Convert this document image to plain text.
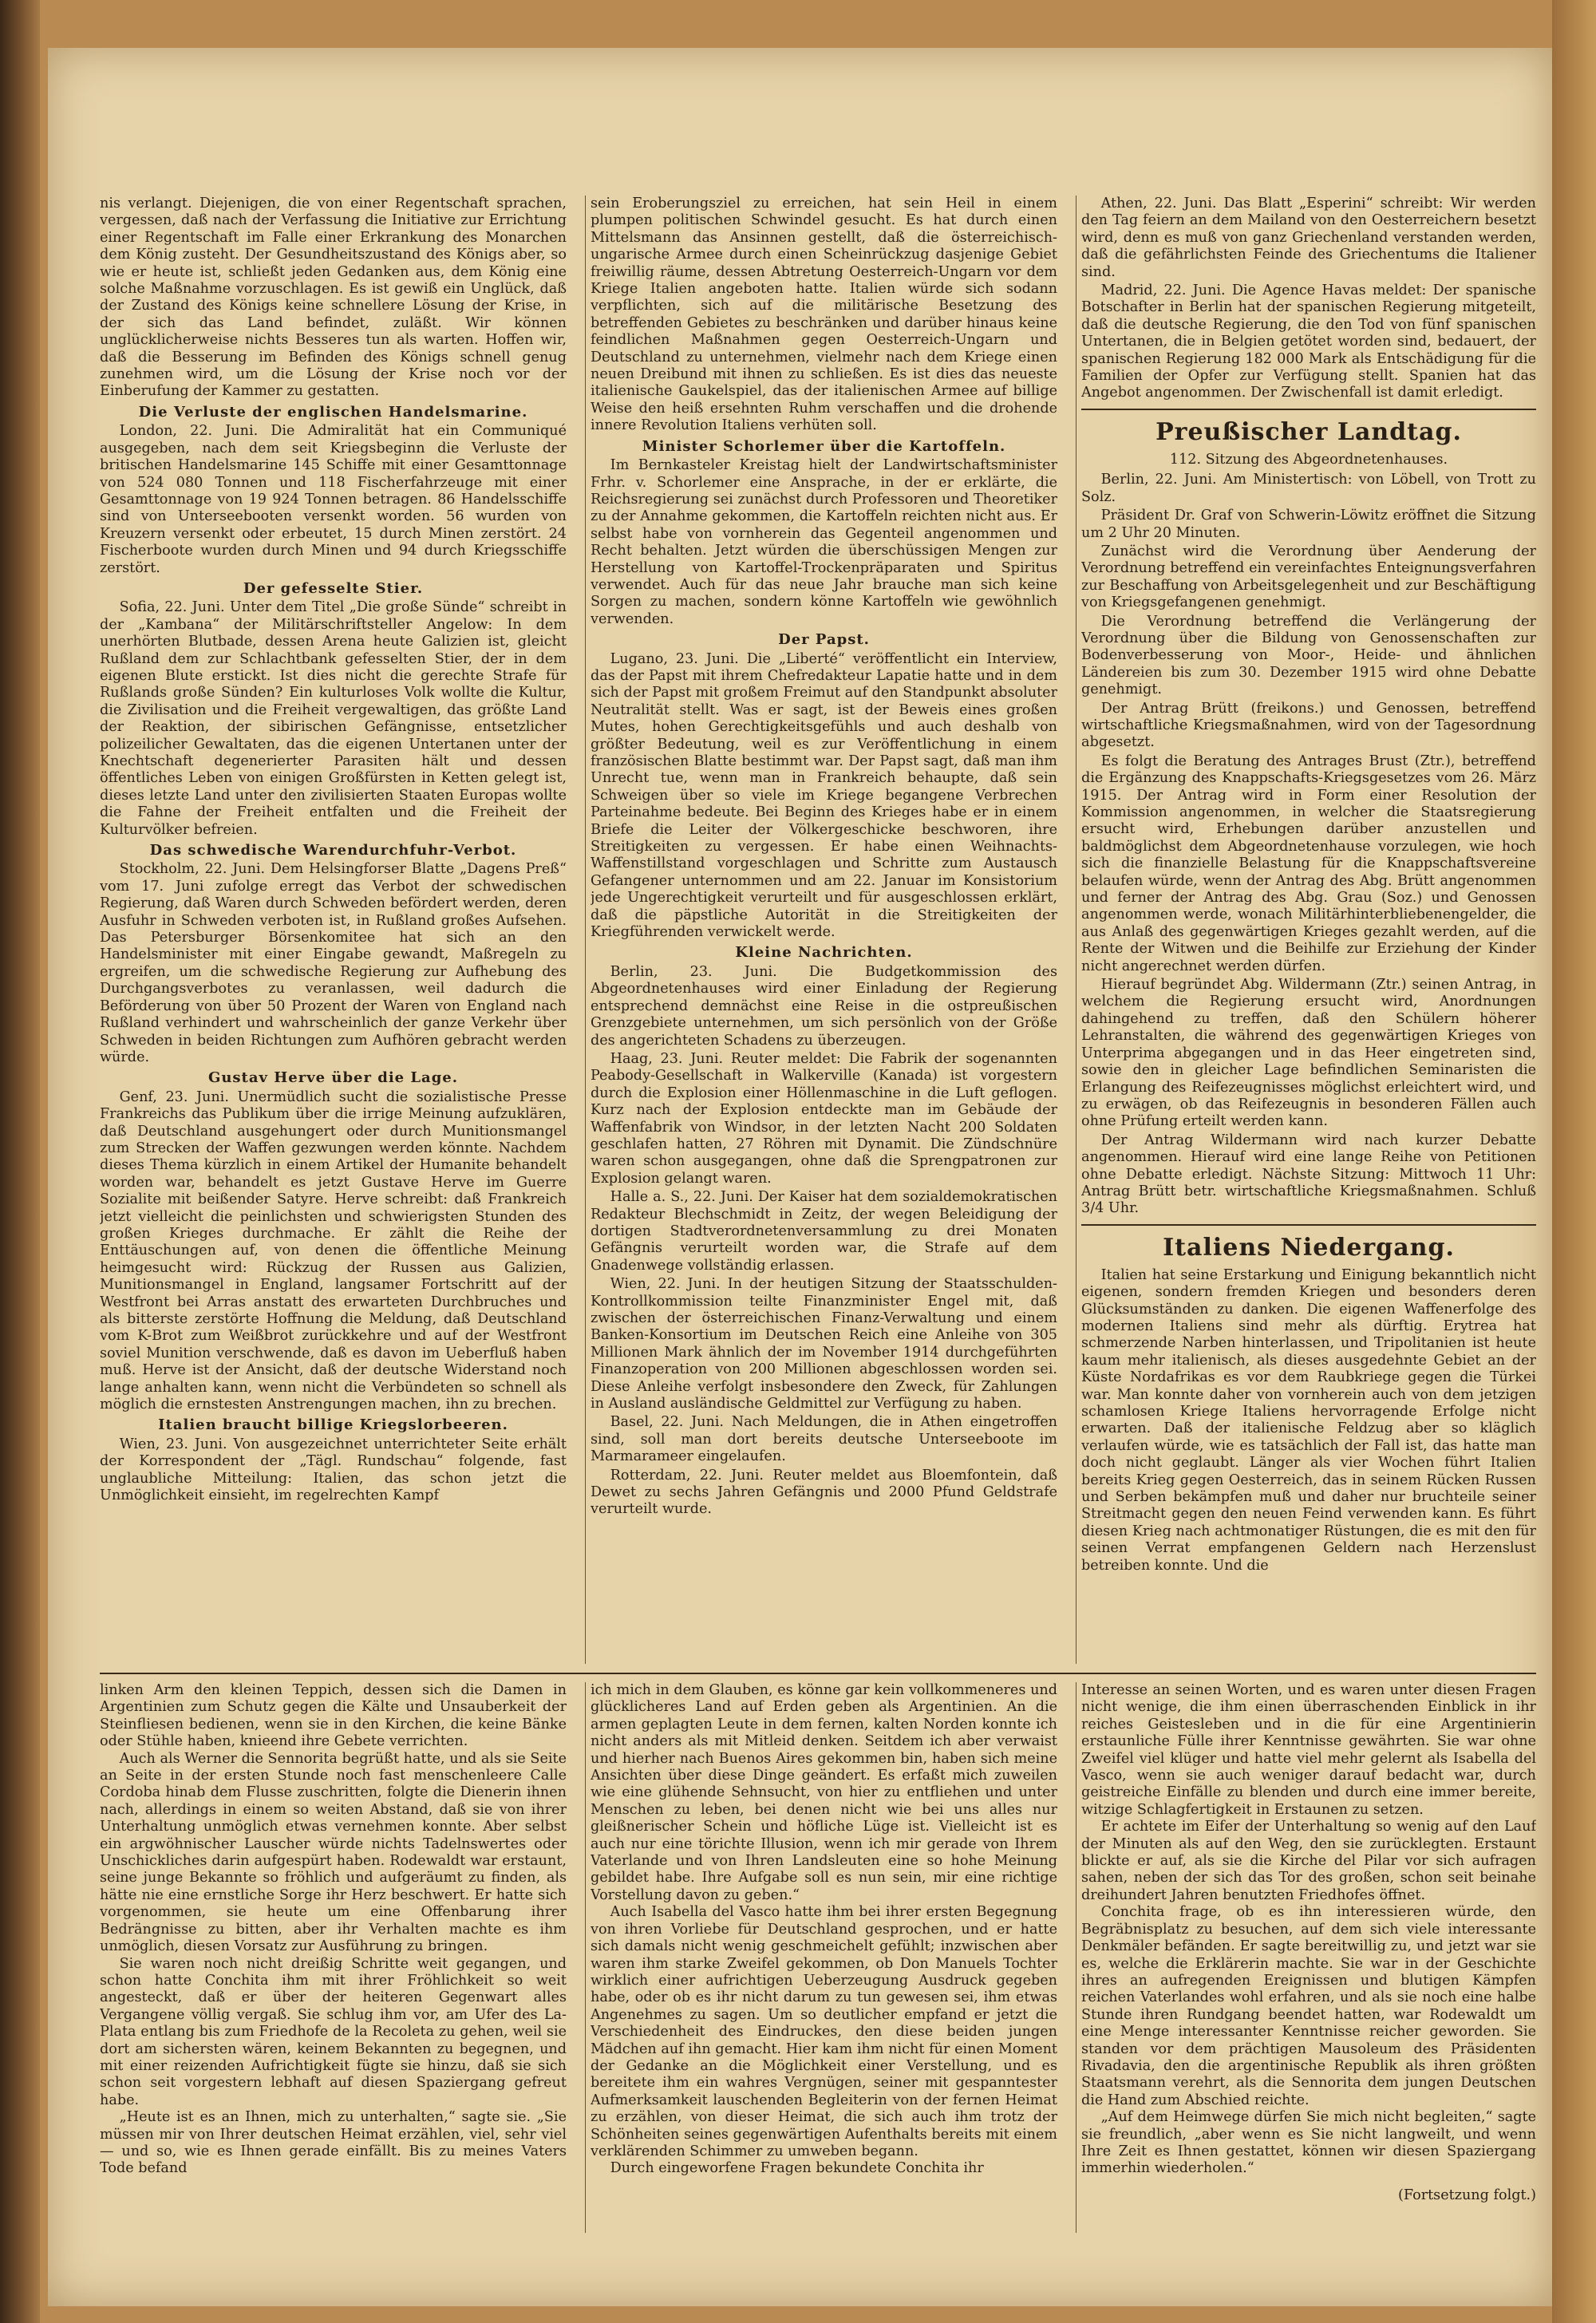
nis verlangt. Diejenigen, die von einer Regentschaft sprachen, vergessen, daß nach der Verfassung die Initiative zur Errichtung einer Regentschaft im Falle einer Erkrankung des Monarchen dem König zusteht. Der Gesundheitszustand des Königs aber, so wie er heute ist, schließt jeden Gedanken aus, dem König eine solche Maßnahme vorzuschlagen. Es ist gewiß ein Unglück, daß der Zustand des Königs keine schnellere Lösung der Krise, in der sich das Land befindet, zuläßt. Wir können unglücklicherweise nichts Besseres tun als warten. Hoffen wir, daß die Besserung im Befinden des Königs schnell genug zunehmen wird, um die Lösung der Krise noch vor der Einberufung der Kammer zu gestatten.

Die Verluste der englischen Handelsmarine.

London, 22. Juni. Die Admiralität hat ein Communiqué ausgegeben, nach dem seit Kriegsbeginn die Verluste der britischen Handelsmarine 145 Schiffe mit einer Gesamttonnage von 524 080 Tonnen und 118 Fischerfahrzeuge mit einer Gesamttonnage von 19 924 Tonnen betragen. 86 Handelsschiffe sind von Unterseebooten versenkt worden. 56 wurden von Kreuzern versenkt oder erbeutet, 15 durch Minen zerstört. 24 Fischerboote wurden durch Minen und 94 durch Kriegsschiffe zerstört.

Der gefesselte Stier.

Sofia, 22. Juni. Unter dem Titel „Die große Sünde“ schreibt in der „Kambana“ der Militärschriftsteller Angelow: In dem unerhörten Blutbade, dessen Arena heute Galizien ist, gleicht Rußland dem zur Schlachtbank gefesselten Stier, der in dem eigenen Blute erstickt. Ist dies nicht die gerechte Strafe für Rußlands große Sünden? Ein kulturloses Volk wollte die Kultur, die Zivilisation und die Freiheit vergewaltigen, das größte Land der Reaktion, der sibirischen Gefängnisse, entsetzlicher polizeilicher Gewaltaten, das die eigenen Untertanen unter der Knechtschaft degenerierter Parasiten hält und dessen öffentliches Leben von einigen Großfürsten in Ketten gelegt ist, dieses letzte Land unter den zivilisierten Staaten Europas wollte die Fahne der Freiheit entfalten und die Freiheit der Kulturvölker befreien.

Das schwedische Warendurchfuhr-Verbot.

Stockholm, 22. Juni. Dem Helsingforser Blatte „Dagens Preß“ vom 17. Juni zufolge erregt das Verbot der schwedischen Regierung, daß Waren durch Schweden befördert werden, deren Ausfuhr in Schweden verboten ist, in Rußland großes Aufsehen. Das Petersburger Börsenkomitee hat sich an den Handelsminister mit einer Eingabe gewandt, Maßregeln zu ergreifen, um die schwedische Regierung zur Aufhebung des Durchgangsverbotes zu veranlassen, weil dadurch die Beförderung von über 50 Prozent der Waren von England nach Rußland verhindert und wahrscheinlich der ganze Verkehr über Schweden in beiden Richtungen zum Aufhören gebracht werden würde.

Gustav Herve über die Lage.

Genf, 23. Juni. Unermüdlich sucht die sozialistische Presse Frankreichs das Publikum über die irrige Meinung aufzuklären, daß Deutschland ausgehungert oder durch Munitionsmangel zum Strecken der Waffen gezwungen werden könnte. Nachdem dieses Thema kürzlich in einem Artikel der Humanite behandelt worden war, behandelt es jetzt Gustave Herve im Guerre Sozialite mit beißender Satyre. Herve schreibt: daß Frankreich jetzt vielleicht die peinlichsten und schwierigsten Stunden des großen Krieges durchmache. Er zählt die Reihe der Enttäuschungen auf, von denen die öffentliche Meinung heimgesucht wird: Rückzug der Russen aus Galizien, Munitionsmangel in England, langsamer Fortschritt auf der Westfront bei Arras anstatt des erwarteten Durchbruches und als bitterste zerstörte Hoffnung die Meldung, daß Deutschland vom K-Brot zum Weißbrot zurückkehre und auf der Westfront soviel Munition verschwende, daß es davon im Ueberfluß haben muß. Herve ist der Ansicht, daß der deutsche Widerstand noch lange anhalten kann, wenn nicht die Verbündeten so schnell als möglich die ernstesten Anstrengungen machen, ihn zu brechen.

Italien braucht billige Kriegslorbeeren.

Wien, 23. Juni. Von ausgezeichnet unterrichteter Seite erhält der Korrespondent der „Tägl. Rundschau“ folgende, fast unglaubliche Mitteilung: Italien, das schon jetzt die Unmöglichkeit einsieht, im regelrechten Kampf

sein Eroberungsziel zu erreichen, hat sein Heil in einem plumpen politischen Schwindel gesucht. Es hat durch einen Mittelsmann das Ansinnen gestellt, daß die österreichisch-ungarische Armee durch einen Scheinrückzug dasjenige Gebiet freiwillig räume, dessen Abtretung Oesterreich-Ungarn vor dem Kriege Italien angeboten hatte. Italien würde sich sodann verpflichten, sich auf die militärische Besetzung des betreffenden Gebietes zu beschränken und darüber hinaus keine feindlichen Maßnahmen gegen Oesterreich-Ungarn und Deutschland zu unternehmen, vielmehr nach dem Kriege einen neuen Dreibund mit ihnen zu schließen. Es ist dies das neueste italienische Gaukelspiel, das der italienischen Armee auf billige Weise den heiß ersehnten Ruhm verschaffen und die drohende innere Revolution Italiens verhüten soll.

Minister Schorlemer über die Kartoffeln.

Im Bernkasteler Kreistag hielt der Landwirtschaftsminister Frhr. v. Schorlemer eine Ansprache, in der er erklärte, die Reichsregierung sei zunächst durch Professoren und Theoretiker zu der Annahme gekommen, die Kartoffeln reichten nicht aus. Er selbst habe von vornherein das Gegenteil angenommen und Recht behalten. Jetzt würden die überschüssigen Mengen zur Herstellung von Kartoffel-Trockenpräparaten und Spiritus verwendet. Auch für das neue Jahr brauche man sich keine Sorgen zu machen, sondern könne Kartoffeln wie gewöhnlich verwenden.

Der Papst.

Lugano, 23. Juni. Die „Liberté“ veröffentlicht ein Interview, das der Papst mit ihrem Chefredakteur Lapatie hatte und in dem sich der Papst mit großem Freimut auf den Standpunkt absoluter Neutralität stellt. Was er sagt, ist der Beweis eines großen Mutes, hohen Gerechtigkeitsgefühls und auch deshalb von größter Bedeutung, weil es zur Veröffentlichung in einem französischen Blatte bestimmt war. Der Papst sagt, daß man ihm Unrecht tue, wenn man in Frankreich behaupte, daß sein Schweigen über so viele im Kriege begangene Verbrechen Parteinahme bedeute. Bei Beginn des Krieges habe er in einem Briefe die Leiter der Völkergeschicke beschworen, ihre Streitigkeiten zu vergessen. Er habe einen Weihnachts-Waffenstillstand vorgeschlagen und Schritte zum Austausch Gefangener unternommen und am 22. Januar im Konsistorium jede Ungerechtigkeit verurteilt und für ausgeschlossen erklärt, daß die päpstliche Autorität in die Streitigkeiten der Kriegführenden verwickelt werde.

Kleine Nachrichten.

Berlin, 23. Juni. Die Budgetkommission des Abgeordnetenhauses wird einer Einladung der Regierung entsprechend demnächst eine Reise in die ostpreußischen Grenzgebiete unternehmen, um sich persönlich von der Größe des angerichteten Schadens zu überzeugen.

Haag, 23. Juni. Reuter meldet: Die Fabrik der sogenannten Peabody-Gesellschaft in Walkerville (Kanada) ist vorgestern durch die Explosion einer Höllenmaschine in die Luft geflogen. Kurz nach der Explosion entdeckte man im Gebäude der Waffenfabrik von Windsor, in der letzten Nacht 200 Soldaten geschlafen hatten, 27 Röhren mit Dynamit. Die Zündschnüre waren schon ausgegangen, ohne daß die Sprengpatronen zur Explosion gelangt waren.

Halle a. S., 22. Juni. Der Kaiser hat dem sozialdemokratischen Redakteur Blechschmidt in Zeitz, der wegen Beleidigung der dortigen Stadtverordnetenversammlung zu drei Monaten Gefängnis verurteilt worden war, die Strafe auf dem Gnadenwege vollständig erlassen.

Wien, 22. Juni. In der heutigen Sitzung der Staatsschulden-Kontrollkommission teilte Finanzminister Engel mit, daß zwischen der österreichischen Finanz-Verwaltung und einem Banken-Konsortium im Deutschen Reich eine Anleihe von 305 Millionen Mark ähnlich der im November 1914 durchgeführten Finanzoperation von 200 Millionen abgeschlossen worden sei. Diese Anleihe verfolgt insbesondere den Zweck, für Zahlungen in Ausland ausländische Geldmittel zur Verfügung zu haben.

Basel, 22. Juni. Nach Meldungen, die in Athen eingetroffen sind, soll man dort bereits deutsche Unterseeboote im Marmarameer eingelaufen.

Rotterdam, 22. Juni. Reuter meldet aus Bloemfontein, daß Dewet zu sechs Jahren Gefängnis und 2000 Pfund Geldstrafe verurteilt wurde.

Athen, 22. Juni. Das Blatt „Esperini“ schreibt: Wir werden den Tag feiern an dem Mailand von den Oesterreichern besetzt wird, denn es muß von ganz Griechenland verstanden werden, daß die gefährlichsten Feinde des Griechentums die Italiener sind.

Madrid, 22. Juni. Die Agence Havas meldet: Der spanische Botschafter in Berlin hat der spanischen Regierung mitgeteilt, daß die deutsche Regierung, die den Tod von fünf spanischen Untertanen, die in Belgien getötet worden sind, bedauert, der spanischen Regierung 182 000 Mark als Entschädigung für die Familien der Opfer zur Verfügung stellt. Spanien hat das Angebot angenommen. Der Zwischenfall ist damit erledigt.

Preußischer Landtag.
112. Sitzung des Abgeordnetenhauses.

Berlin, 22. Juni. Am Ministertisch: von Löbell, von Trott zu Solz.

Präsident Dr. Graf von Schwerin-Löwitz eröffnet die Sitzung um 2 Uhr 20 Minuten.

Zunächst wird die Verordnung über Aenderung der Verordnung betreffend ein vereinfachtes Enteignungsverfahren zur Beschaffung von Arbeitsgelegenheit und zur Beschäftigung von Kriegsgefangenen genehmigt.

Die Verordnung betreffend die Verlängerung der Verordnung über die Bildung von Genossenschaften zur Bodenverbesserung von Moor-, Heide- und ähnlichen Ländereien bis zum 30. Dezember 1915 wird ohne Debatte genehmigt.

Der Antrag Brütt (freikons.) und Genossen, betreffend wirtschaftliche Kriegsmaßnahmen, wird von der Tagesordnung abgesetzt.

Es folgt die Beratung des Antrages Brust (Ztr.), betreffend die Ergänzung des Knappschafts-Kriegsgesetzes vom 26. März 1915. Der Antrag wird in Form einer Resolution der Kommission angenommen, in welcher die Staatsregierung ersucht wird, Erhebungen darüber anzustellen und baldmöglichst dem Abgeordnetenhause vorzulegen, wie hoch sich die finanzielle Belastung für die Knappschaftsvereine belaufen würde, wenn der Antrag des Abg. Brütt angenommen und ferner der Antrag des Abg. Grau (Soz.) und Genossen angenommen werde, wonach Militärhinterbliebenengelder, die aus Anlaß des gegenwärtigen Krieges gezahlt werden, auf die Rente der Witwen und die Beihilfe zur Erziehung der Kinder nicht angerechnet werden dürfen.

Hierauf begründet Abg. Wildermann (Ztr.) seinen Antrag, in welchem die Regierung ersucht wird, Anordnungen dahingehend zu treffen, daß den Schülern höherer Lehranstalten, die während des gegenwärtigen Krieges von Unterprima abgegangen und in das Heer eingetreten sind, sowie den in gleicher Lage befindlichen Seminaristen die Erlangung des Reifezeugnisses möglichst erleichtert wird, und zu erwägen, ob das Reifezeugnis in besonderen Fällen auch ohne Prüfung erteilt werden kann.

Der Antrag Wildermann wird nach kurzer Debatte angenommen. Hierauf wird eine lange Reihe von Petitionen ohne Debatte erledigt. Nächste Sitzung: Mittwoch 11 Uhr: Antrag Brütt betr. wirtschaftliche Kriegsmaßnahmen. Schluß 3/4 Uhr.

Italiens Niedergang.

Italien hat seine Erstarkung und Einigung bekanntlich nicht eigenen, sondern fremden Kriegen und besonders deren Glücksumständen zu danken. Die eigenen Waffenerfolge des modernen Italiens sind mehr als dürftig. Erytrea hat schmerzende Narben hinterlassen, und Tripolitanien ist heute kaum mehr italienisch, als dieses ausgedehnte Gebiet an der Küste Nordafrikas es vor dem Raubkriege gegen die Türkei war. Man konnte daher von vornherein auch von dem jetzigen schamlosen Kriege Italiens hervorragende Erfolge nicht erwarten. Daß der italienische Feldzug aber so kläglich verlaufen würde, wie es tatsächlich der Fall ist, das hatte man doch nicht geglaubt. Länger als vier Wochen führt Italien bereits Krieg gegen Oesterreich, das in seinem Rücken Russen und Serben bekämpfen muß und daher nur bruchteile seiner Streitmacht gegen den neuen Feind verwenden kann. Es führt diesen Krieg nach achtmonatiger Rüstungen, die es mit den für seinen Verrat empfangenen Geldern nach Herzenslust betreiben konnte. Und die

linken Arm den kleinen Teppich, dessen sich die Damen in Argentinien zum Schutz gegen die Kälte und Unsauberkeit der Steinfliesen bedienen, wenn sie in den Kirchen, die keine Bänke oder Stühle haben, knieend ihre Gebete verrichten.

Auch als Werner die Sennorita begrüßt hatte, und als sie Seite an Seite in der ersten Stunde noch fast menschenleere Calle Cordoba hinab dem Flusse zuschritten, folgte die Dienerin ihnen nach, allerdings in einem so weiten Abstand, daß sie von ihrer Unterhaltung unmöglich etwas vernehmen konnte. Aber selbst ein argwöhnischer Lauscher würde nichts Tadelnswertes oder Unschickliches darin aufgespürt haben. Rodewaldt war erstaunt, seine junge Bekannte so fröhlich und aufgeräumt zu finden, als hätte nie eine ernstliche Sorge ihr Herz beschwert. Er hatte sich vorgenommen, sie heute um eine Offenbarung ihrer Bedrängnisse zu bitten, aber ihr Verhalten machte es ihm unmöglich, diesen Vorsatz zur Ausführung zu bringen.

Sie waren noch nicht dreißig Schritte weit gegangen, und schon hatte Conchita ihm mit ihrer Fröhlichkeit so weit angesteckt, daß er über der heiteren Gegenwart alles Vergangene völlig vergaß. Sie schlug ihm vor, am Ufer des La-Plata entlang bis zum Friedhofe de la Recoleta zu gehen, weil sie dort am sichersten wären, keinem Bekannten zu begegnen, und mit einer reizenden Aufrichtigkeit fügte sie hinzu, daß sie sich schon seit vorgestern lebhaft auf diesen Spaziergang gefreut habe.

„Heute ist es an Ihnen, mich zu unterhalten,“ sagte sie. „Sie müssen mir von Ihrer deutschen Heimat erzählen, viel, sehr viel — und so, wie es Ihnen gerade einfällt. Bis zu meines Vaters Tode befand

ich mich in dem Glauben, es könne gar kein vollkommeneres und glücklicheres Land auf Erden geben als Argentinien. An die armen geplagten Leute in dem fernen, kalten Norden konnte ich nicht anders als mit Mitleid denken. Seitdem ich aber verwaist und hierher nach Buenos Aires gekommen bin, haben sich meine Ansichten über diese Dinge geändert. Es erfaßt mich zuweilen wie eine glühende Sehnsucht, von hier zu entfliehen und unter Menschen zu leben, bei denen nicht wie bei uns alles nur gleißnerischer Schein und höfliche Lüge ist. Vielleicht ist es auch nur eine törichte Illusion, wenn ich mir gerade von Ihrem Vaterlande und von Ihren Landsleuten eine so hohe Meinung gebildet habe. Ihre Aufgabe soll es nun sein, mir eine richtige Vorstellung davon zu geben.“

Auch Isabella del Vasco hatte ihm bei ihrer ersten Begegnung von ihren Vorliebe für Deutschland gesprochen, und er hatte sich damals nicht wenig geschmeichelt gefühlt; inzwischen aber waren ihm starke Zweifel gekommen, ob Don Manuels Tochter wirklich einer aufrichtigen Ueberzeugung Ausdruck gegeben habe, oder ob es ihr nicht darum zu tun gewesen sei, ihm etwas Angenehmes zu sagen. Um so deutlicher empfand er jetzt die Verschiedenheit des Eindruckes, den diese beiden jungen Mädchen auf ihn gemacht. Hier kam ihm nicht für einen Moment der Gedanke an die Möglichkeit einer Verstellung, und es bereitete ihm ein wahres Vergnügen, seiner mit gespanntester Aufmerksamkeit lauschenden Begleiterin von der fernen Heimat zu erzählen, von dieser Heimat, die sich auch ihm trotz der Schönheiten seines gegenwärtigen Aufenthalts bereits mit einem verklärenden Schimmer zu umweben begann.

Durch eingeworfene Fragen bekundete Conchita ihr

Interesse an seinen Worten, und es waren unter diesen Fragen nicht wenige, die ihm einen überraschenden Einblick in ihr reiches Geistesleben und in die für eine Argentinierin erstaunliche Fülle ihrer Kenntnisse gewährten. Sie war ohne Zweifel viel klüger und hatte viel mehr gelernt als Isabella del Vasco, wenn sie auch weniger darauf bedacht war, durch geistreiche Einfälle zu blenden und durch eine immer bereite, witzige Schlagfertigkeit in Erstaunen zu setzen.

Er achtete im Eifer der Unterhaltung so wenig auf den Lauf der Minuten als auf den Weg, den sie zurücklegten. Erstaunt blickte er auf, als sie die Kirche del Pilar vor sich aufragen sahen, neben der sich das Tor des großen, schon seit beinahe dreihundert Jahren benutzten Friedhofes öffnet.

Conchita frage, ob es ihn interessieren würde, den Begräbnisplatz zu besuchen, auf dem sich viele interessante Denkmäler befänden. Er sagte bereitwillig zu, und jetzt war sie es, welche die Erklärerin machte. Sie war in der Geschichte ihres an aufregenden Ereignissen und blutigen Kämpfen reichen Vaterlandes wohl erfahren, und als sie noch eine halbe Stunde ihren Rundgang beendet hatten, war Rodewaldt um eine Menge interessanter Kenntnisse reicher geworden. Sie standen vor dem prächtigen Mausoleum des Präsidenten Rivadavia, den die argentinische Republik als ihren größten Staatsmann verehrt, als die Sennorita dem jungen Deutschen die Hand zum Abschied reichte.

„Auf dem Heimwege dürfen Sie mich nicht begleiten,“ sagte sie freundlich, „aber wenn es Sie nicht langweilt, und wenn Ihre Zeit es Ihnen gestattet, können wir diesen Spaziergang immerhin wiederholen.“

(Fortsetzung folgt.)
